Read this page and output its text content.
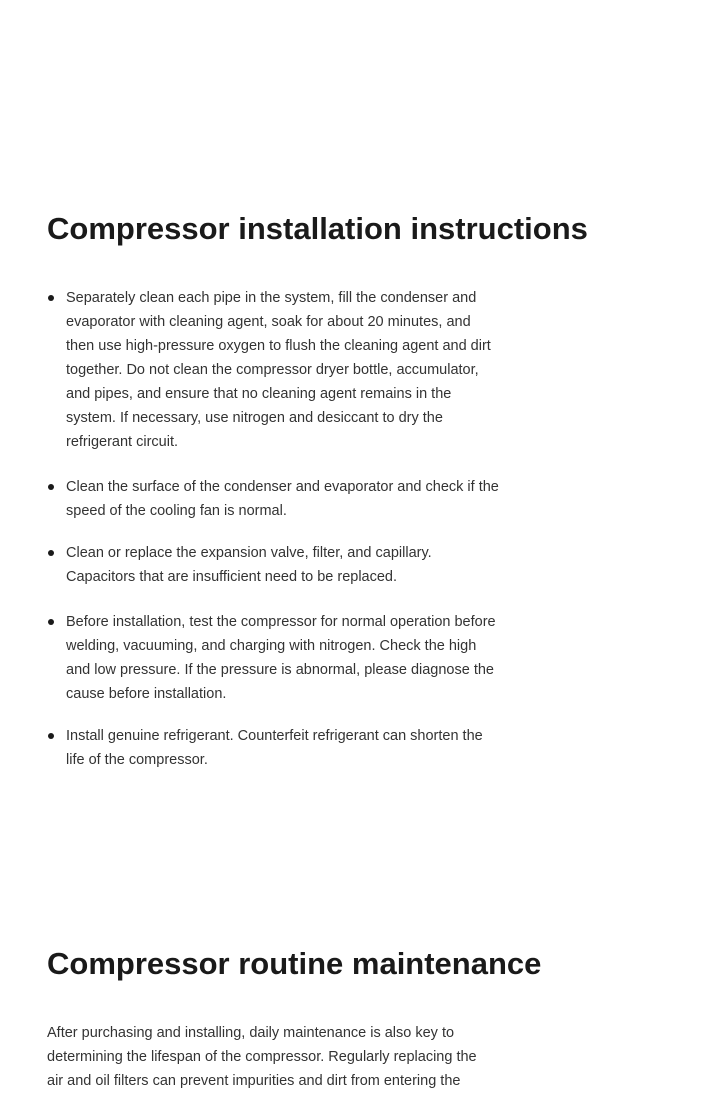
Compressor installation instructions
Separately clean each pipe in the system, fill the condenser and evaporator with cleaning agent, soak for about 20 minutes, and then use high-pressure oxygen to flush the cleaning agent and dirt together. Do not clean the compressor dryer bottle, accumulator, and pipes, and ensure that no cleaning agent remains in the system. If necessary, use nitrogen and desiccant to dry the refrigerant circuit.
Clean the surface of the condenser and evaporator and check if the speed of the cooling fan is normal.
Clean or replace the expansion valve, filter, and capillary. Capacitors that are insufficient need to be replaced.
Before installation, test the compressor for normal operation before welding, vacuuming, and charging with nitrogen. Check the high and low pressure. If the pressure is abnormal, please diagnose the cause before installation.
Install genuine refrigerant. Counterfeit refrigerant can shorten the life of the compressor.
Compressor routine maintenance

After purchasing and installing, daily maintenance is also key to determining the lifespan of the compressor. Regularly replacing the air and oil filters can prevent impurities and dirt from entering the
